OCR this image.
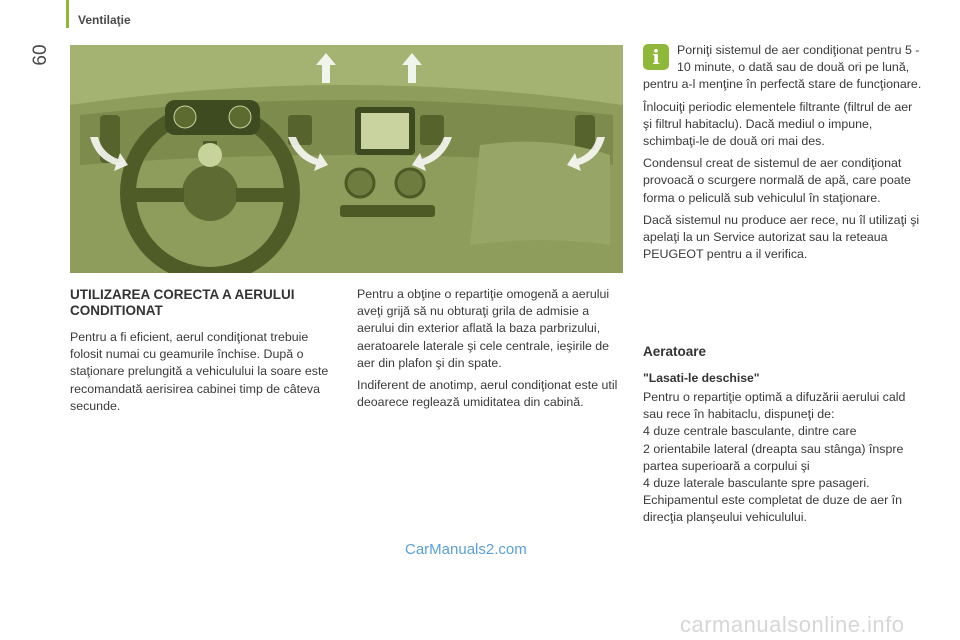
Ventilaţie
60
UTILIZAREA CORECTA A AERULUI CONDITIONAT

Pentru a fi eficient, aerul condiţionat trebuie folosit numai cu geamurile închise. După o staţionare prelungită a vehiculului la soare este recomandată aerisirea cabinei timp de câteva secunde.

Pentru a obţine o repartiţie omogenă a aerului aveţi grijă să nu obturaţi grila de admisie a aerului din exterior aflată la baza parbrizului, aeratoarele laterale şi cele centrale, ieşirile de aer din plafon şi din spate.

Indiferent de anotimp, aerul condiţionat este util deoarece reglează umiditatea din cabină.

i	Porniţi sistemul de aer condiţionat pentru 5 - 10 minute, o dată sau de două ori pe lună, pentru a-l menţine în perfectă stare de funcţionare.

Înlocuiţi periodic elementele filtrante (filtrul de aer şi filtrul habitaclu). Dacă mediul o impune, schimbaţi-le de două ori mai des.

Condensul creat de sistemul de aer condiţionat provoacă o scurgere normală de apă, care poate forma o peliculă sub vehiculul în staţionare.

Dacă sistemul nu produce aer rece, nu îl utilizaţi şi apelaţi la un Service autorizat sau la reteaua PEUGEOT pentru a il verifica.

Aeratoare

"Lasati-le deschise"

Pentru o repartiţie optimă a difuzării aerului cald sau rece în habitaclu, dispuneţi de:

4 duze centrale basculante, dintre care

2 orientabile lateral (dreapta sau stânga) înspre partea superioară a corpului şi

4 duze laterale basculante spre pasageri.

Echipamentul este completat de duze de aer în direcţia planşeului vehiculului.

CarManuals2.com
carmanualsonline.info
